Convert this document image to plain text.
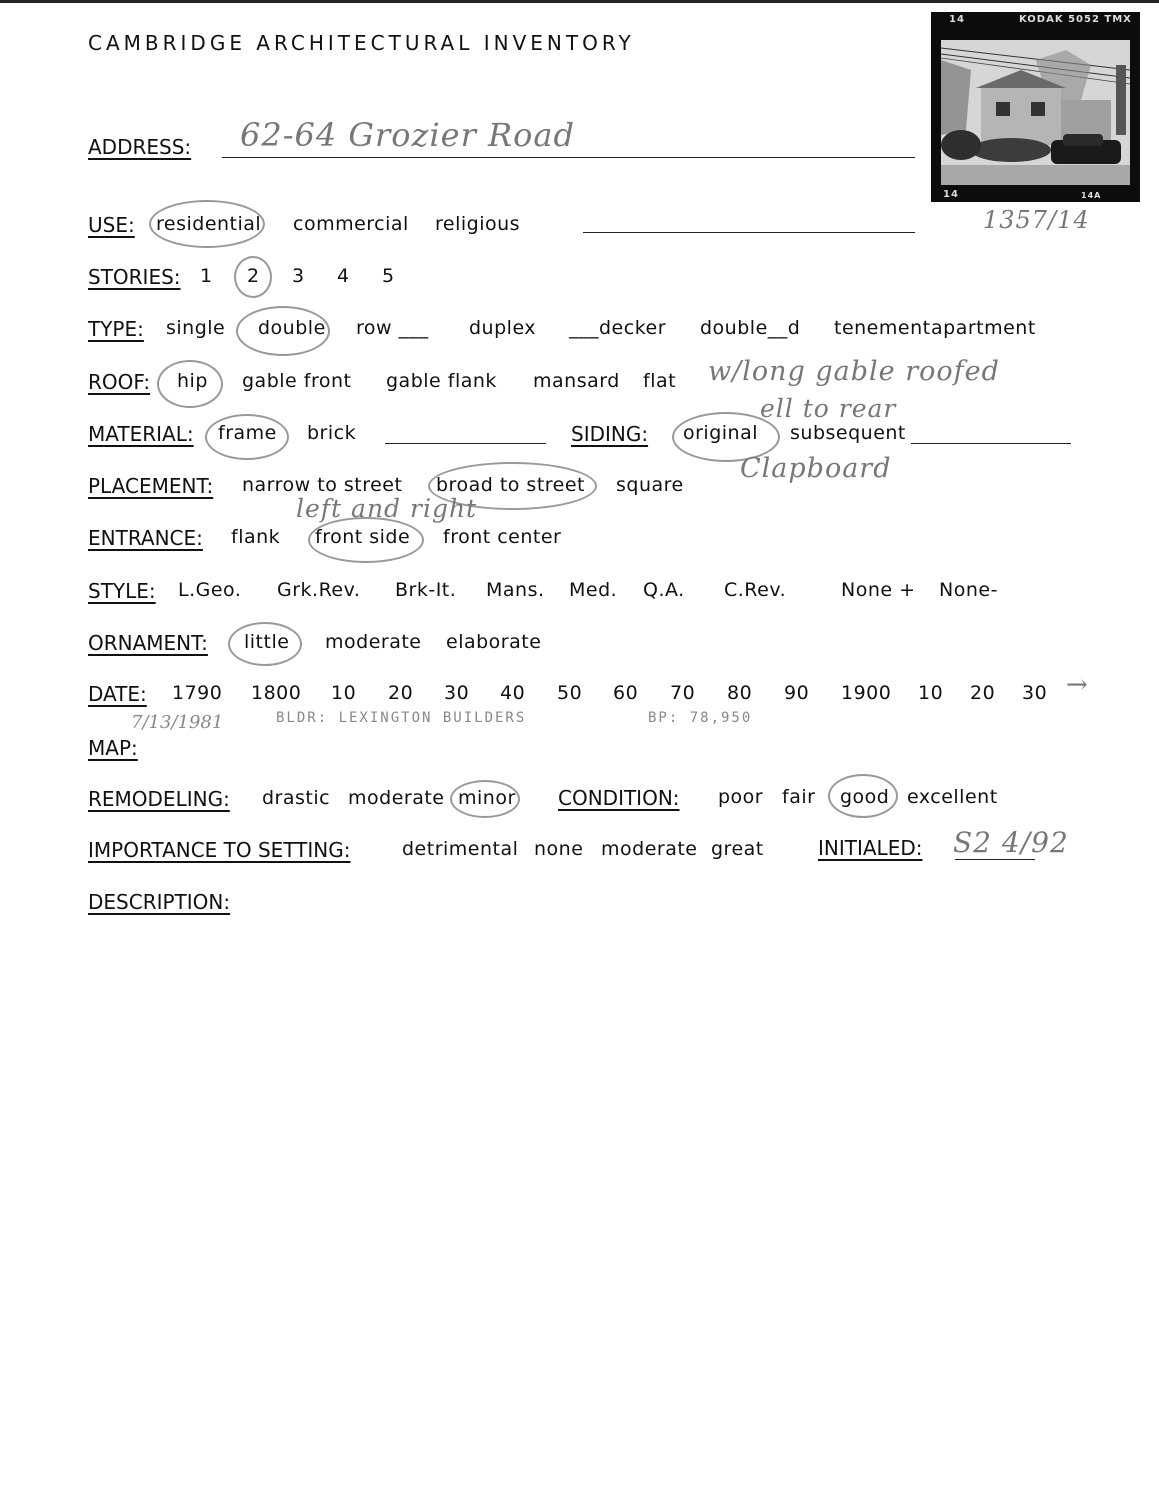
CAMBRIDGE ARCHITECTURAL INVENTORY
14	KODAK 5052 TMX
14	14A
1357/14
ADDRESS: 62-64 Grozier Road
USE: residential commercial religious
STORIES: 1 2 3 4 5
TYPE: single double row ___ duplex ___decker double__d tenement apartment
ROOF: hip gable front gable flank mansard flat w/long gable roofed
ell to rear
MATERIAL: frame brick	SIDING: original subsequent
Clapboard
PLACEMENT: narrow to street broad to street square
left and right
ENTRANCE: flank front side front center
STYLE: L.Geo. Grk.Rev. Brk-It. Mans. Med. Q.A. C.Rev.	None + None-
ORNAMENT: little moderate elaborate
DATE: 1790 1800 10 20 30 40 50 60 70 80 90 1900 10 20 30 →
7/13/1981	BLDR: LEXINGTON BUILDERS	BP: 78,950
MAP:
REMODELING: drastic moderate minor CONDITION: poor fair good excellent
IMPORTANCE TO SETTING:	detrimental none moderate great	INITIALED: S2 4/92
DESCRIPTION:
